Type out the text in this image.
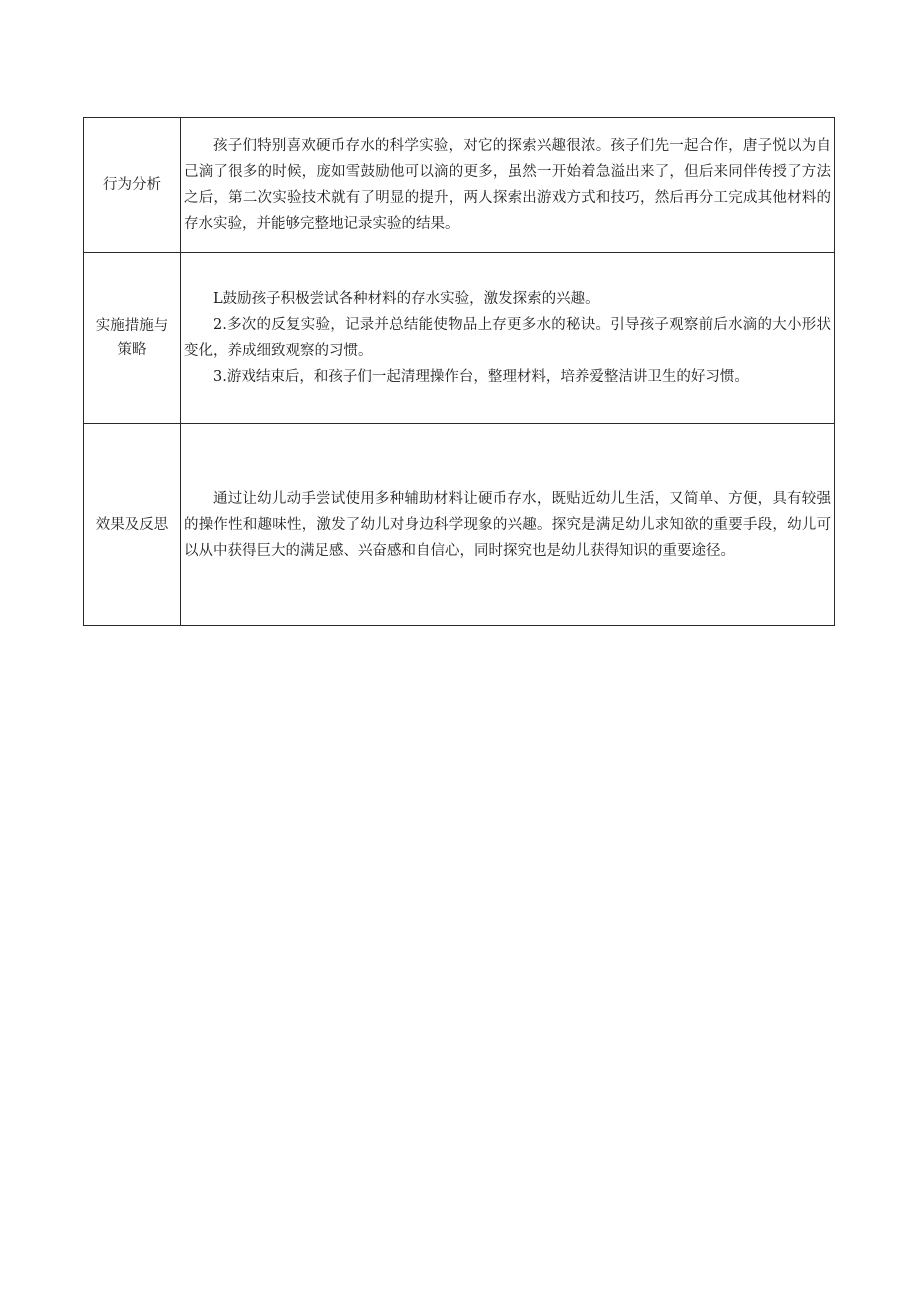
行为分析	孩子们特别喜欢硬币存水的科学实验，对它的探索兴趣很浓。孩子们先一起合作，唐子悦以为自己滴了很多的时候，庞如雪鼓励他可以滴的更多，虽然一开始着急溢出来了，但后来同伴传授了方法之后，第二次实验技术就有了明显的提升，两人探索出游戏方式和技巧，然后再分工完成其他材料的存水实验，并能够完整地记录实验的结果。

实施措施与策略	L鼓励孩子积极尝试各种材料的存水实验，激发探索的兴趣。

2.多次的反复实验，记录并总结能使物品上存更多水的秘诀。引导孩子观察前后水滴的大小形状变化，养成细致观察的习惯。

3.游戏结束后，和孩子们一起清理操作台，整理材料，培养爱整洁讲卫生的好习惯。

效果及反思	通过让幼儿动手尝试使用多种辅助材料让硬币存水，既贴近幼儿生活，又简单、方便，具有较强的操作性和趣味性，激发了幼儿对身边科学现象的兴趣。探究是满足幼儿求知欲的重要手段，幼儿可以从中获得巨大的满足感、兴奋感和自信心，同时探究也是幼儿获得知识的重要途径。
